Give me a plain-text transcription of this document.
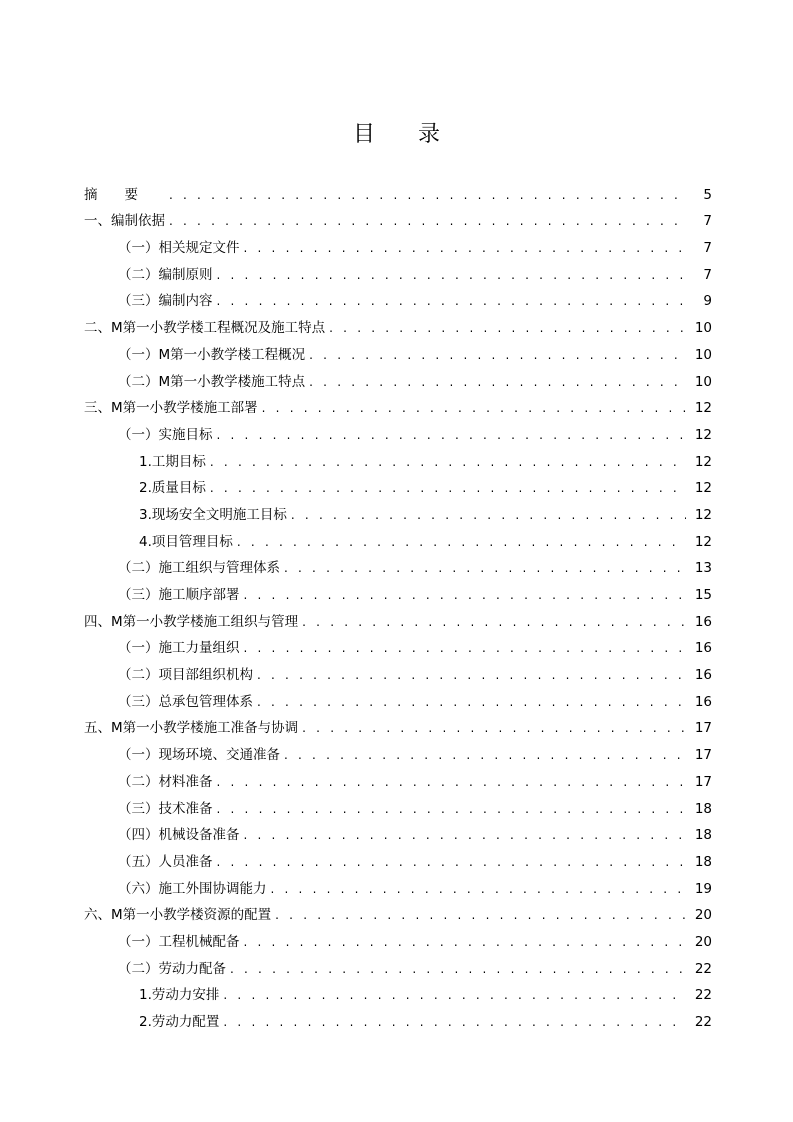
目 录
摘要 . . .	5
一、编制依据 . . .	7
（一）相关规定文件 . . .	7
（二）编制原则 . . .	7
（三）编制内容 . . .	9
二、M第一小教学楼工程概况及施工特点 . . .	10
（一）M第一小教学楼工程概况 . . .	10
（二）M第一小教学楼施工特点 . . .	10
三、M第一小教学楼施工部署 . . .	12
（一）实施目标 . . .	12
1.工期目标 . . .	12
2.质量目标 . . .	12
3.现场安全文明施工目标 . . .	12
4.项目管理目标 . . .	12
（二）施工组织与管理体系 . . .	13
（三）施工顺序部署 . . .	15
四、M第一小教学楼施工组织与管理 . . .	16
（一）施工力量组织 . . .	16
（二）项目部组织机构 . . .	16
（三）总承包管理体系 . . .	16
五、M第一小教学楼施工准备与协调 . . .	17
（一）现场环境、交通准备 . . .	17
（二）材料准备 . . .	17
（三）技术准备 . . .	18
（四）机械设备准备 . . .	18
（五）人员准备 . . .	18
（六）施工外围协调能力 . . .	19
六、M第一小教学楼资源的配置 . . .	20
（一）工程机械配备 . . .	20
（二）劳动力配备 . . .	22
1.劳动力安排 . . .	22
2.劳动力配置 . . .	22
